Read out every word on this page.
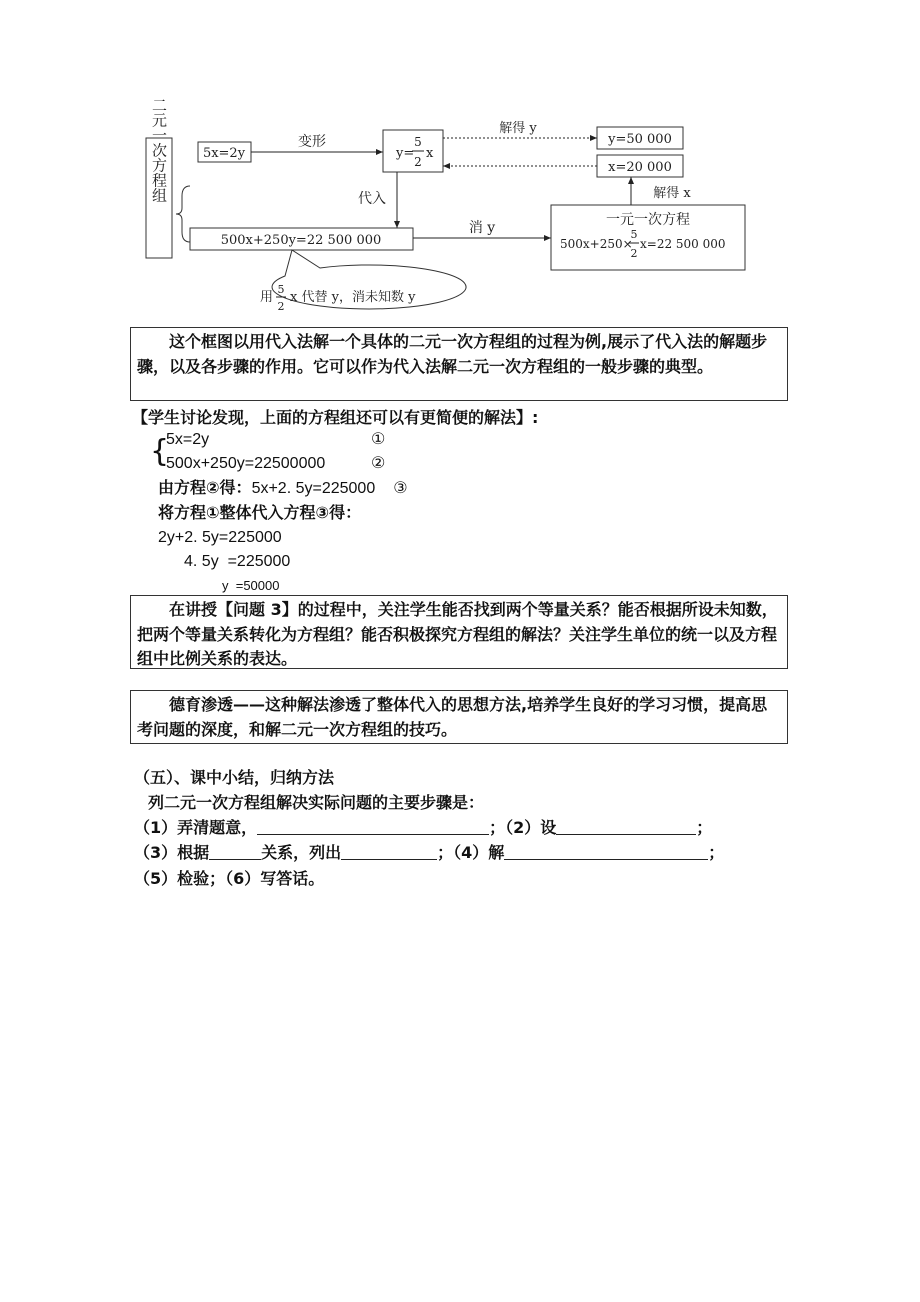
二元一次方程组	5x=2y
变形
y=
5
2
x
解得 y
y=50 000
x=20 000
代入
500x+250y=22 500 000
消 y	一元一次方程
500x+250×
5
2
x=22 500 000
解得 x
用
5
2
x 代替 y，消未知数 y
这个框图以用代入法解一个具体的二元一次方程组的过程为例,展示了代入法的解题步骤，以及各步骤的作用。它可以作为代入法解二元一次方程组的一般步骤的典型。
【学生讨论发现，上面的方程组还可以有更简便的解法】:
{
5x=2y	①
500x+250y=22500000	②
由方程②得：5x+2. 5y=225000 ③
将方程①整体代入方程③得：
2y+2. 5y=225000
4. 5y  =225000
y  =50000
在讲授【问题 3】的过程中，关注学生能否找到两个等量关系？能否根据所设未知数，把两个等量关系转化为方程组？能否积极探究方程组的解法？关注学生单位的统一以及方程组中比例关系的表达。
德育渗透——这种解法渗透了整体代入的思想方法,培养学生良好的学习习惯，提高思考问题的深度，和解二元一次方程组的技巧。
（五）、课中小结，归纳方法
列二元一次方程组解决实际问题的主要步骤是：
（1）弄清题意，	；（2）设	；
（3）根据	关系，列出	；（4）解	；
（5）检验；（6）写答话。
